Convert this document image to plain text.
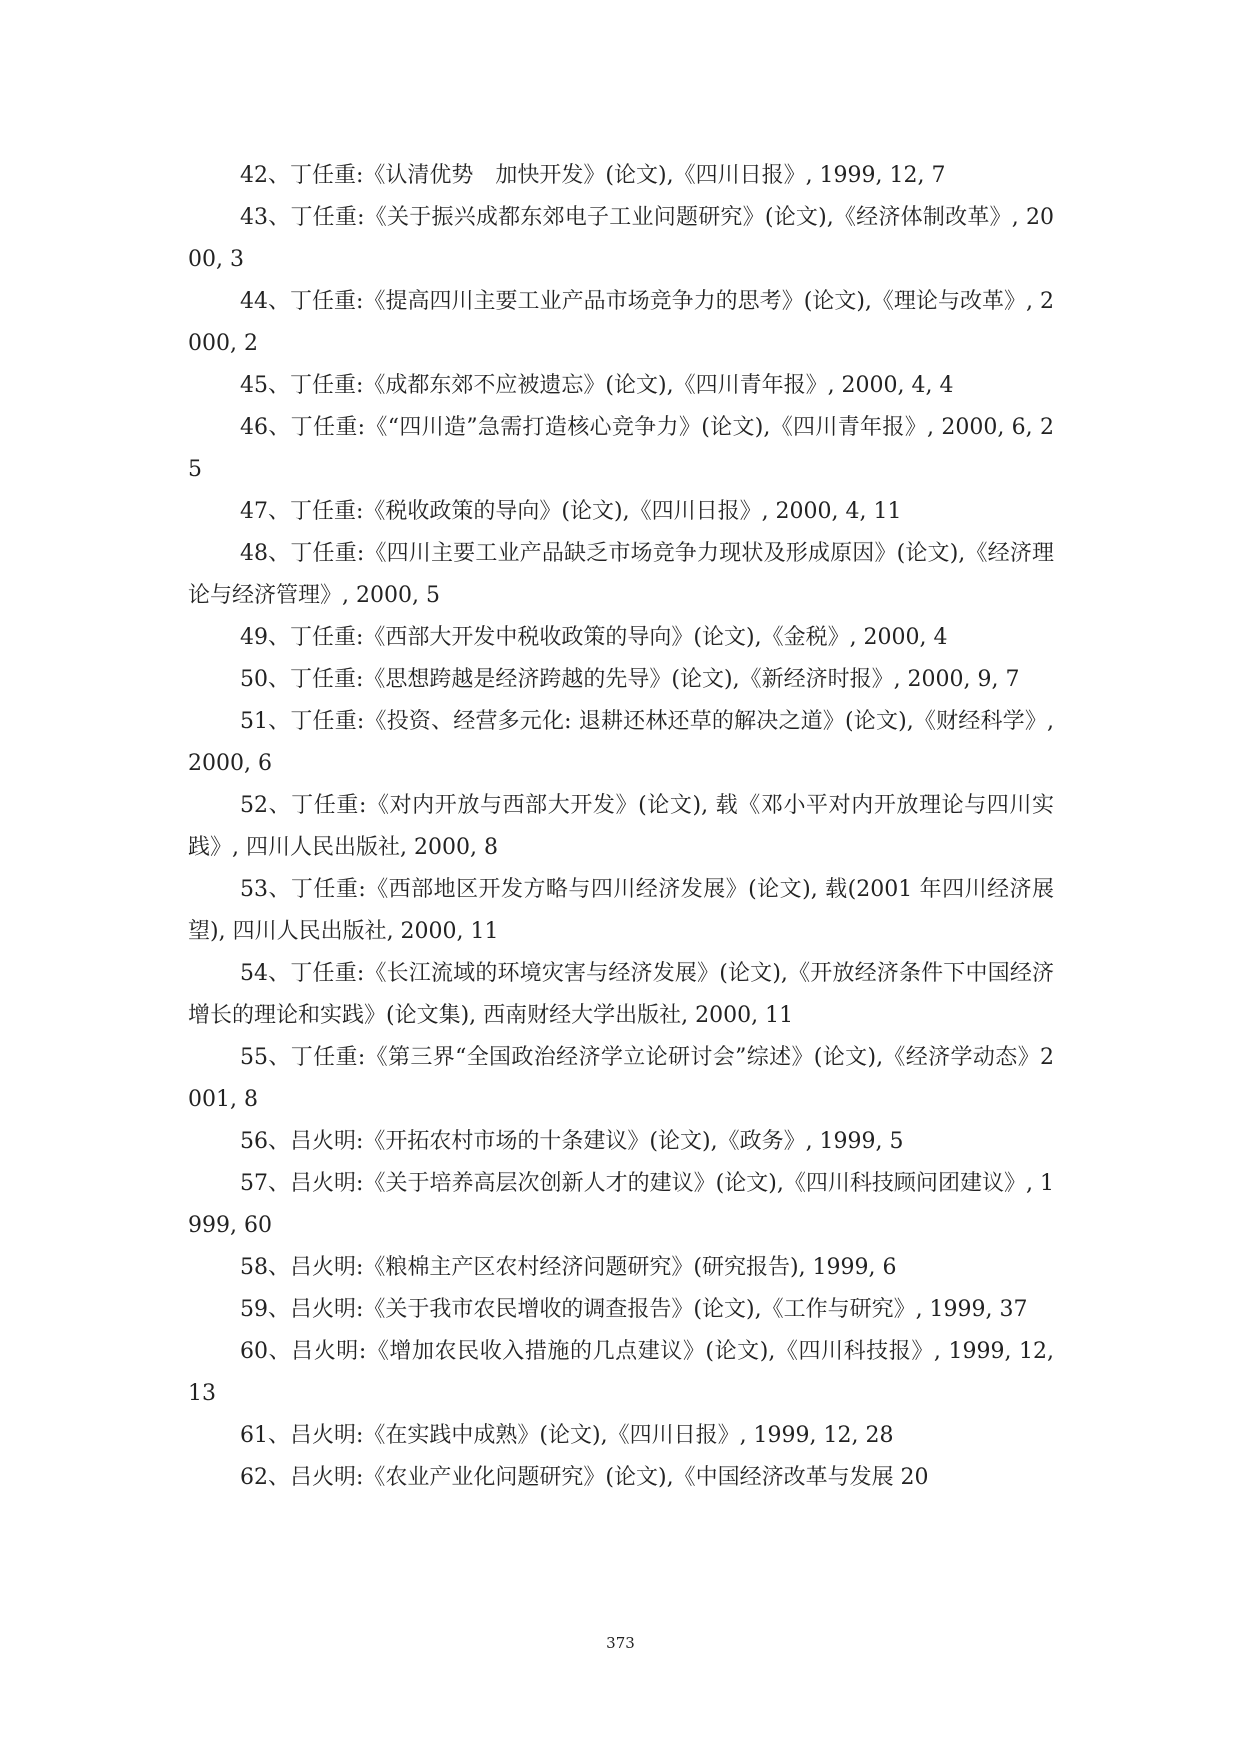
42、丁任重:《认清优势　加快开发》(论文),《四川日报》, 1999, 12, 7

43、丁任重:《关于振兴成都东郊电子工业问题研究》(论文),《经济体制改革》, 2000, 3

44、丁任重:《提高四川主要工业产品市场竞争力的思考》(论文),《理论与改革》, 2000, 2

45、丁任重:《成都东郊不应被遗忘》(论文),《四川青年报》, 2000, 4, 4

46、丁任重:《“四川造”急需打造核心竞争力》(论文),《四川青年报》, 2000, 6, 25

47、丁任重:《税收政策的导向》(论文),《四川日报》, 2000, 4, 11

48、丁任重:《四川主要工业产品缺乏市场竞争力现状及形成原因》(论文),《经济理论与经济管理》, 2000, 5

49、丁任重:《西部大开发中税收政策的导向》(论文),《金税》, 2000, 4

50、丁任重:《思想跨越是经济跨越的先导》(论文),《新经济时报》, 2000, 9, 7

51、丁任重:《投资、经营多元化: 退耕还林还草的解决之道》(论文),《财经科学》, 2000, 6

52、丁任重:《对内开放与西部大开发》(论文), 载《邓小平对内开放理论与四川实践》, 四川人民出版社, 2000, 8

53、丁任重:《西部地区开发方略与四川经济发展》(论文), 载(2001 年四川经济展望), 四川人民出版社, 2000, 11

54、丁任重:《长江流域的环境灾害与经济发展》(论文),《开放经济条件下中国经济增长的理论和实践》(论文集), 西南财经大学出版社, 2000, 11

55、丁任重:《第三界“全国政治经济学立论研讨会”综述》(论文),《经济学动态》2001, 8

56、吕火明:《开拓农村市场的十条建议》(论文),《政务》, 1999, 5

57、吕火明:《关于培养高层次创新人才的建议》(论文),《四川科技顾问团建议》, 1999, 60

58、吕火明:《粮棉主产区农村经济问题研究》(研究报告), 1999, 6

59、吕火明:《关于我市农民增收的调查报告》(论文),《工作与研究》, 1999, 37

60、吕火明:《增加农民收入措施的几点建议》(论文),《四川科技报》, 1999, 12, 13

61、吕火明:《在实践中成熟》(论文),《四川日报》, 1999, 12, 28

62、吕火明:《农业产业化问题研究》(论文),《中国经济改革与发展 20

373
